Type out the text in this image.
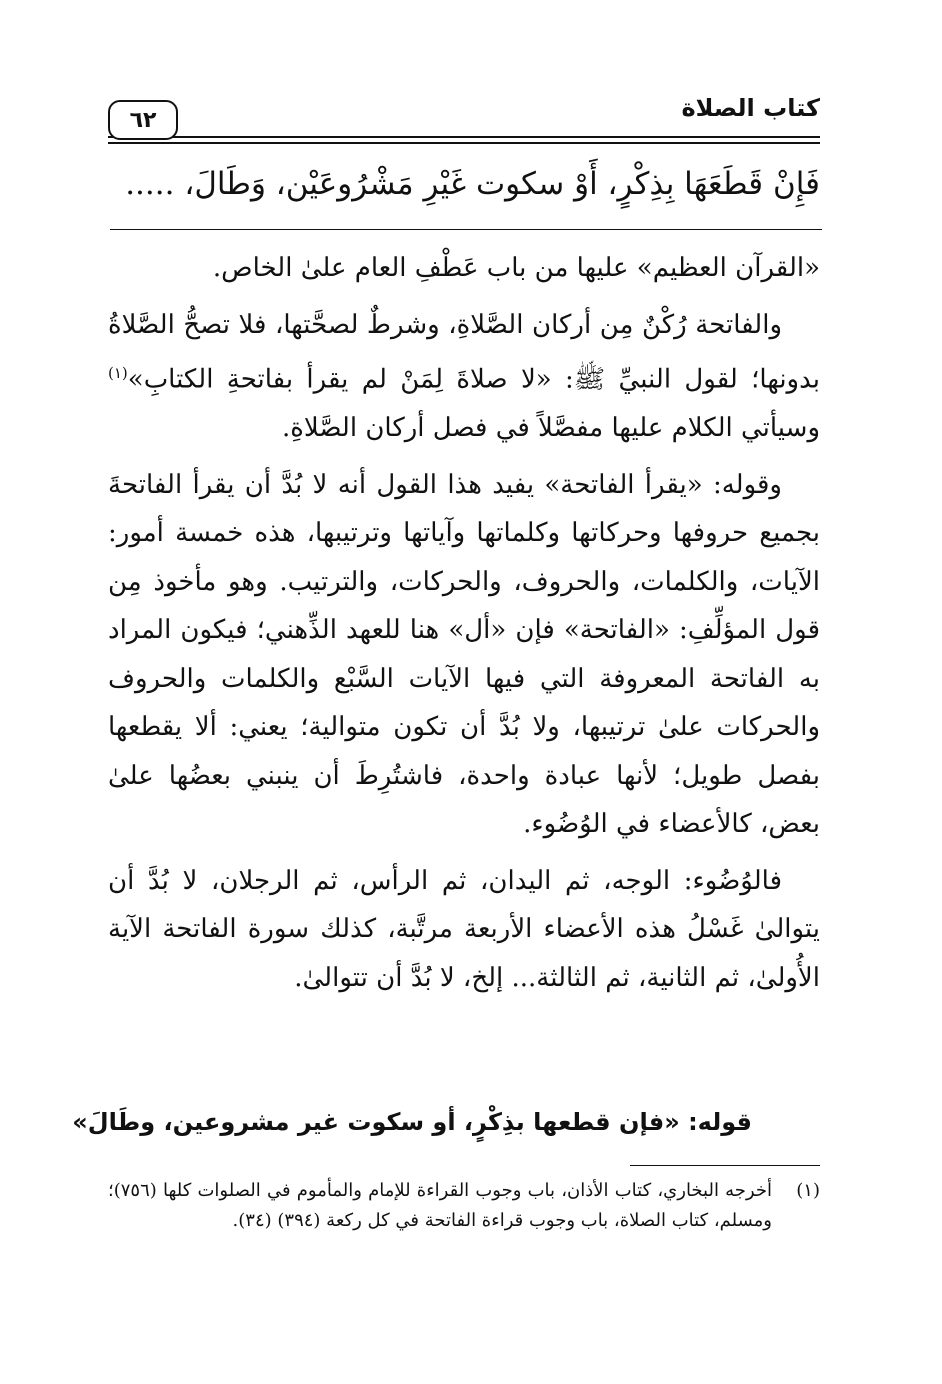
كتاب الصلاة
٦٢
فَإِنْ قَطَعَهَا بِذِكْرٍ، أَوْ سكوت غَيْرِ مَشْرُوعَيْن، وَطَالَ، .....

«القرآن العظيم» عليها من باب عَطْفِ العام علىٰ الخاص.

والفاتحة رُكْنٌ مِن أركان الصَّلاةِ، وشرطٌ لصحَّتها، فلا تصحُّ الصَّلاةُ بدونها؛ لقول النبيِّ ﷺ: «لا صلاةَ لِمَنْ لم يقرأ بفاتحةِ الكتابِ»$^{(١)}$ وسيأتي الكلام عليها مفصَّلاً في فصل أركان الصَّلاةِ.

وقوله: «يقرأ الفاتحة» يفيد هذا القول أنه لا بُدَّ أن يقرأ الفاتحةَ بجميع حروفها وحركاتها وكلماتها وآياتها وترتيبها، هذه خمسة أمور: الآيات، والكلمات، والحروف، والحركات، والترتيب. وهو مأخوذ مِن قول المؤلِّفِ: «الفاتحة» فإن «أل» هنا للعهد الذِّهني؛ فيكون المراد به الفاتحة المعروفة التي فيها الآيات السَّبْع والكلمات والحروف والحركات علىٰ ترتيبها، ولا بُدَّ أن تكون متوالية؛ يعني: ألا يقطعها بفصل طويل؛ لأنها عبادة واحدة، فاشتُرِطَ أن ينبني بعضُها علىٰ بعض، كالأعضاء في الوُضُوء.

فالوُضُوء: الوجه، ثم اليدان، ثم الرأس، ثم الرجلان، لا بُدَّ أن يتوالىٰ غَسْلُ هذه الأعضاء الأربعة مرتَّبة، كذلك سورة الفاتحة الآية الأُولىٰ، ثم الثانية، ثم الثالثة... إلخ، لا بُدَّ أن تتوالىٰ.

قوله: «فإن قطعها بذِكْرٍ، أو سكوت غير مشروعين، وطَالَ»
(١)
أخرجه البخاري، كتاب الأذان، باب وجوب القراءة للإمام والمأموم في الصلوات كلها (٧٥٦)؛ ومسلم، كتاب الصلاة، باب وجوب قراءة الفاتحة في كل ركعة (٣٩٤) (٣٤).
